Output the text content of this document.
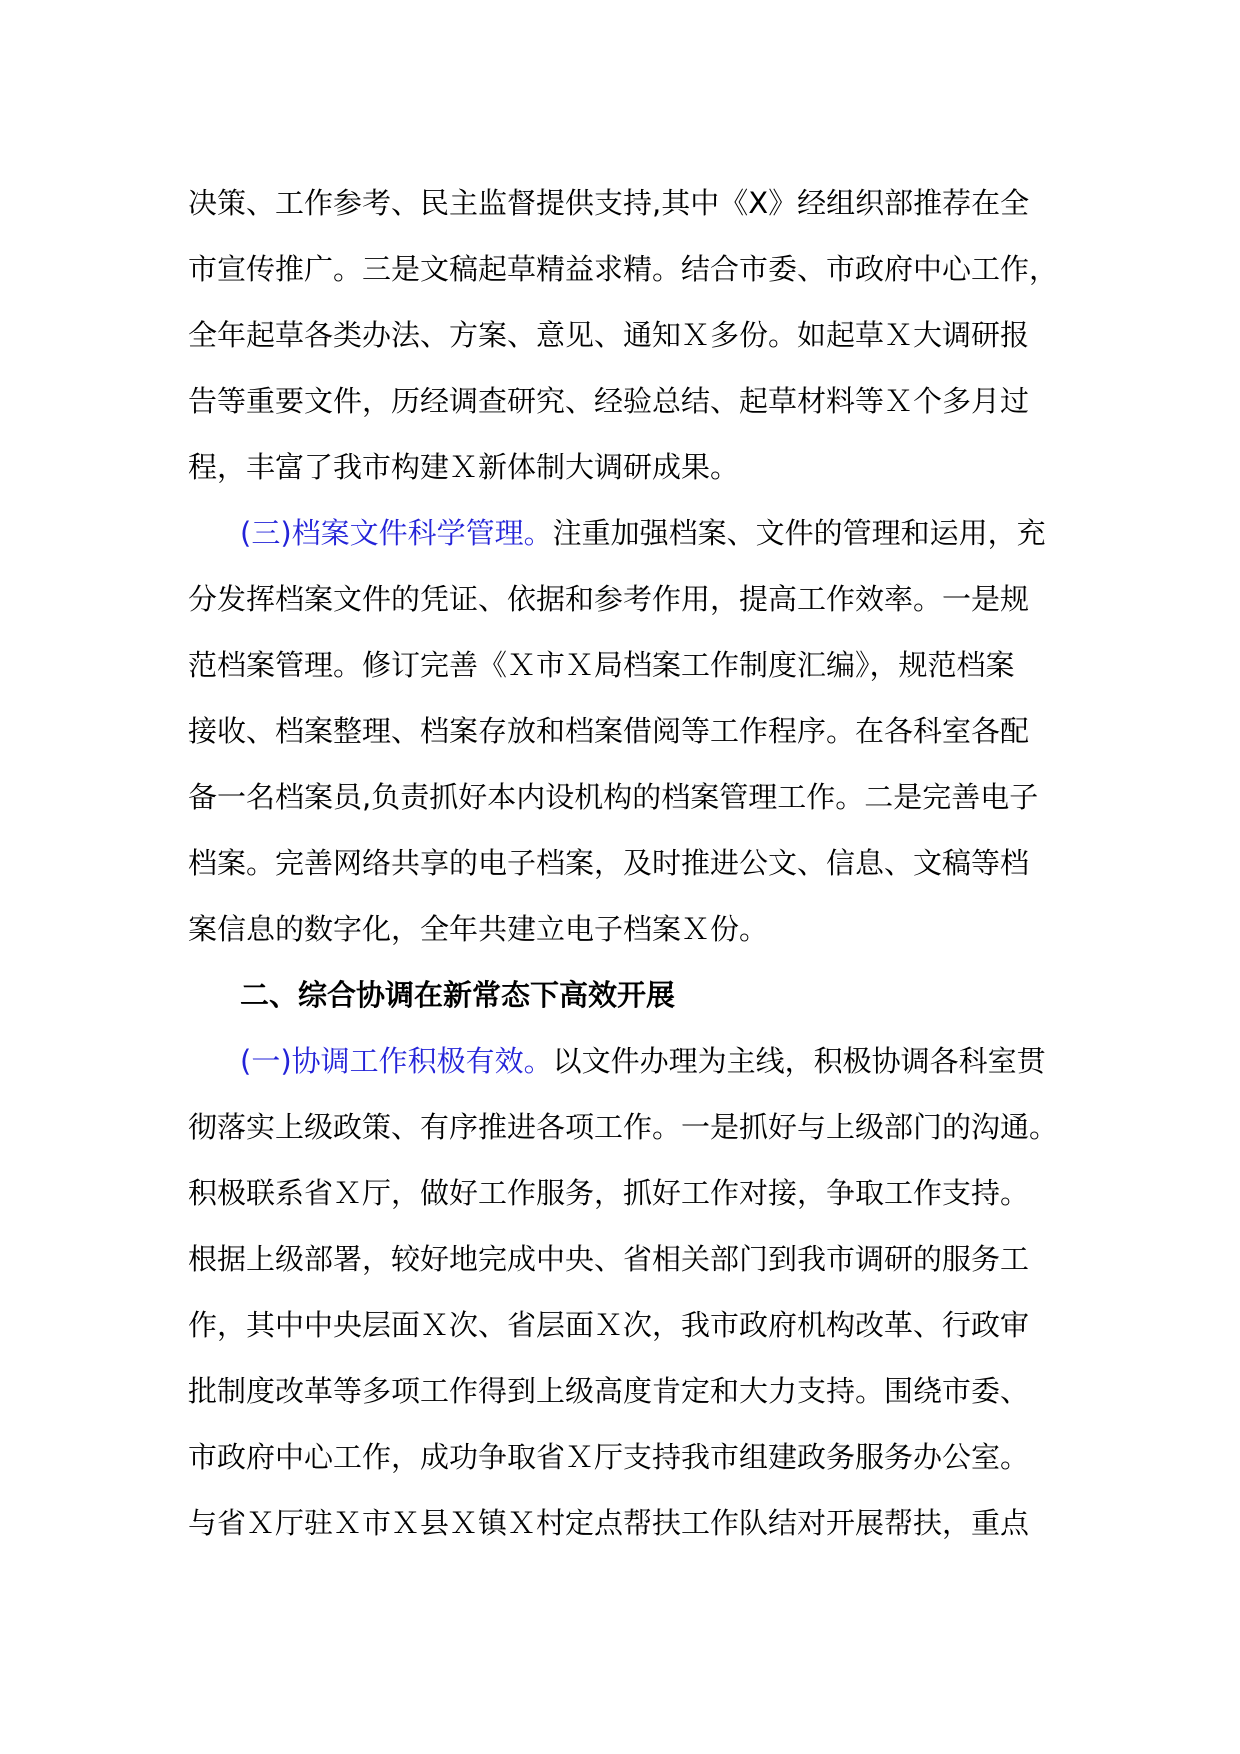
决策、工作参考、民主监督提供支持,其中《X》经组织部推荐在全
市宣传推广。三是文稿起草精益求精。结合市委、市政府中心工作，
全年起草各类办法、方案、意见、通知Ｘ多份。如起草Ｘ大调研报
告等重要文件，历经调查研究、经验总结、起草材料等Ｘ个多月过
程，丰富了我市构建Ｘ新体制大调研成果。
(三)档案文件科学管理。注重加强档案、文件的管理和运用，充
分发挥档案文件的凭证、依据和参考作用，提高工作效率。一是规
范档案管理。修订完善《Ｘ市Ｘ局档案工作制度汇编》，规范档案
接收、档案整理、档案存放和档案借阅等工作程序。在各科室各配
备一名档案员,负责抓好本内设机构的档案管理工作。二是完善电子
档案。完善网络共享的电子档案，及时推进公文、信息、文稿等档
案信息的数字化，全年共建立电子档案Ｘ份。
二、综合协调在新常态下高效开展
(一)协调工作积极有效。以文件办理为主线，积极协调各科室贯
彻落实上级政策、有序推进各项工作。一是抓好与上级部门的沟通。
积极联系省Ｘ厅，做好工作服务，抓好工作对接，争取工作支持。
根据上级部署，较好地完成中央、省相关部门到我市调研的服务工
作，其中中央层面Ｘ次、省层面Ｘ次，我市政府机构改革、行政审
批制度改革等多项工作得到上级高度肯定和大力支持。围绕市委、
市政府中心工作，成功争取省Ｘ厅支持我市组建政务服务办公室。
与省Ｘ厅驻Ｘ市Ｘ县Ｘ镇Ｘ村定点帮扶工作队结对开展帮扶，重点
